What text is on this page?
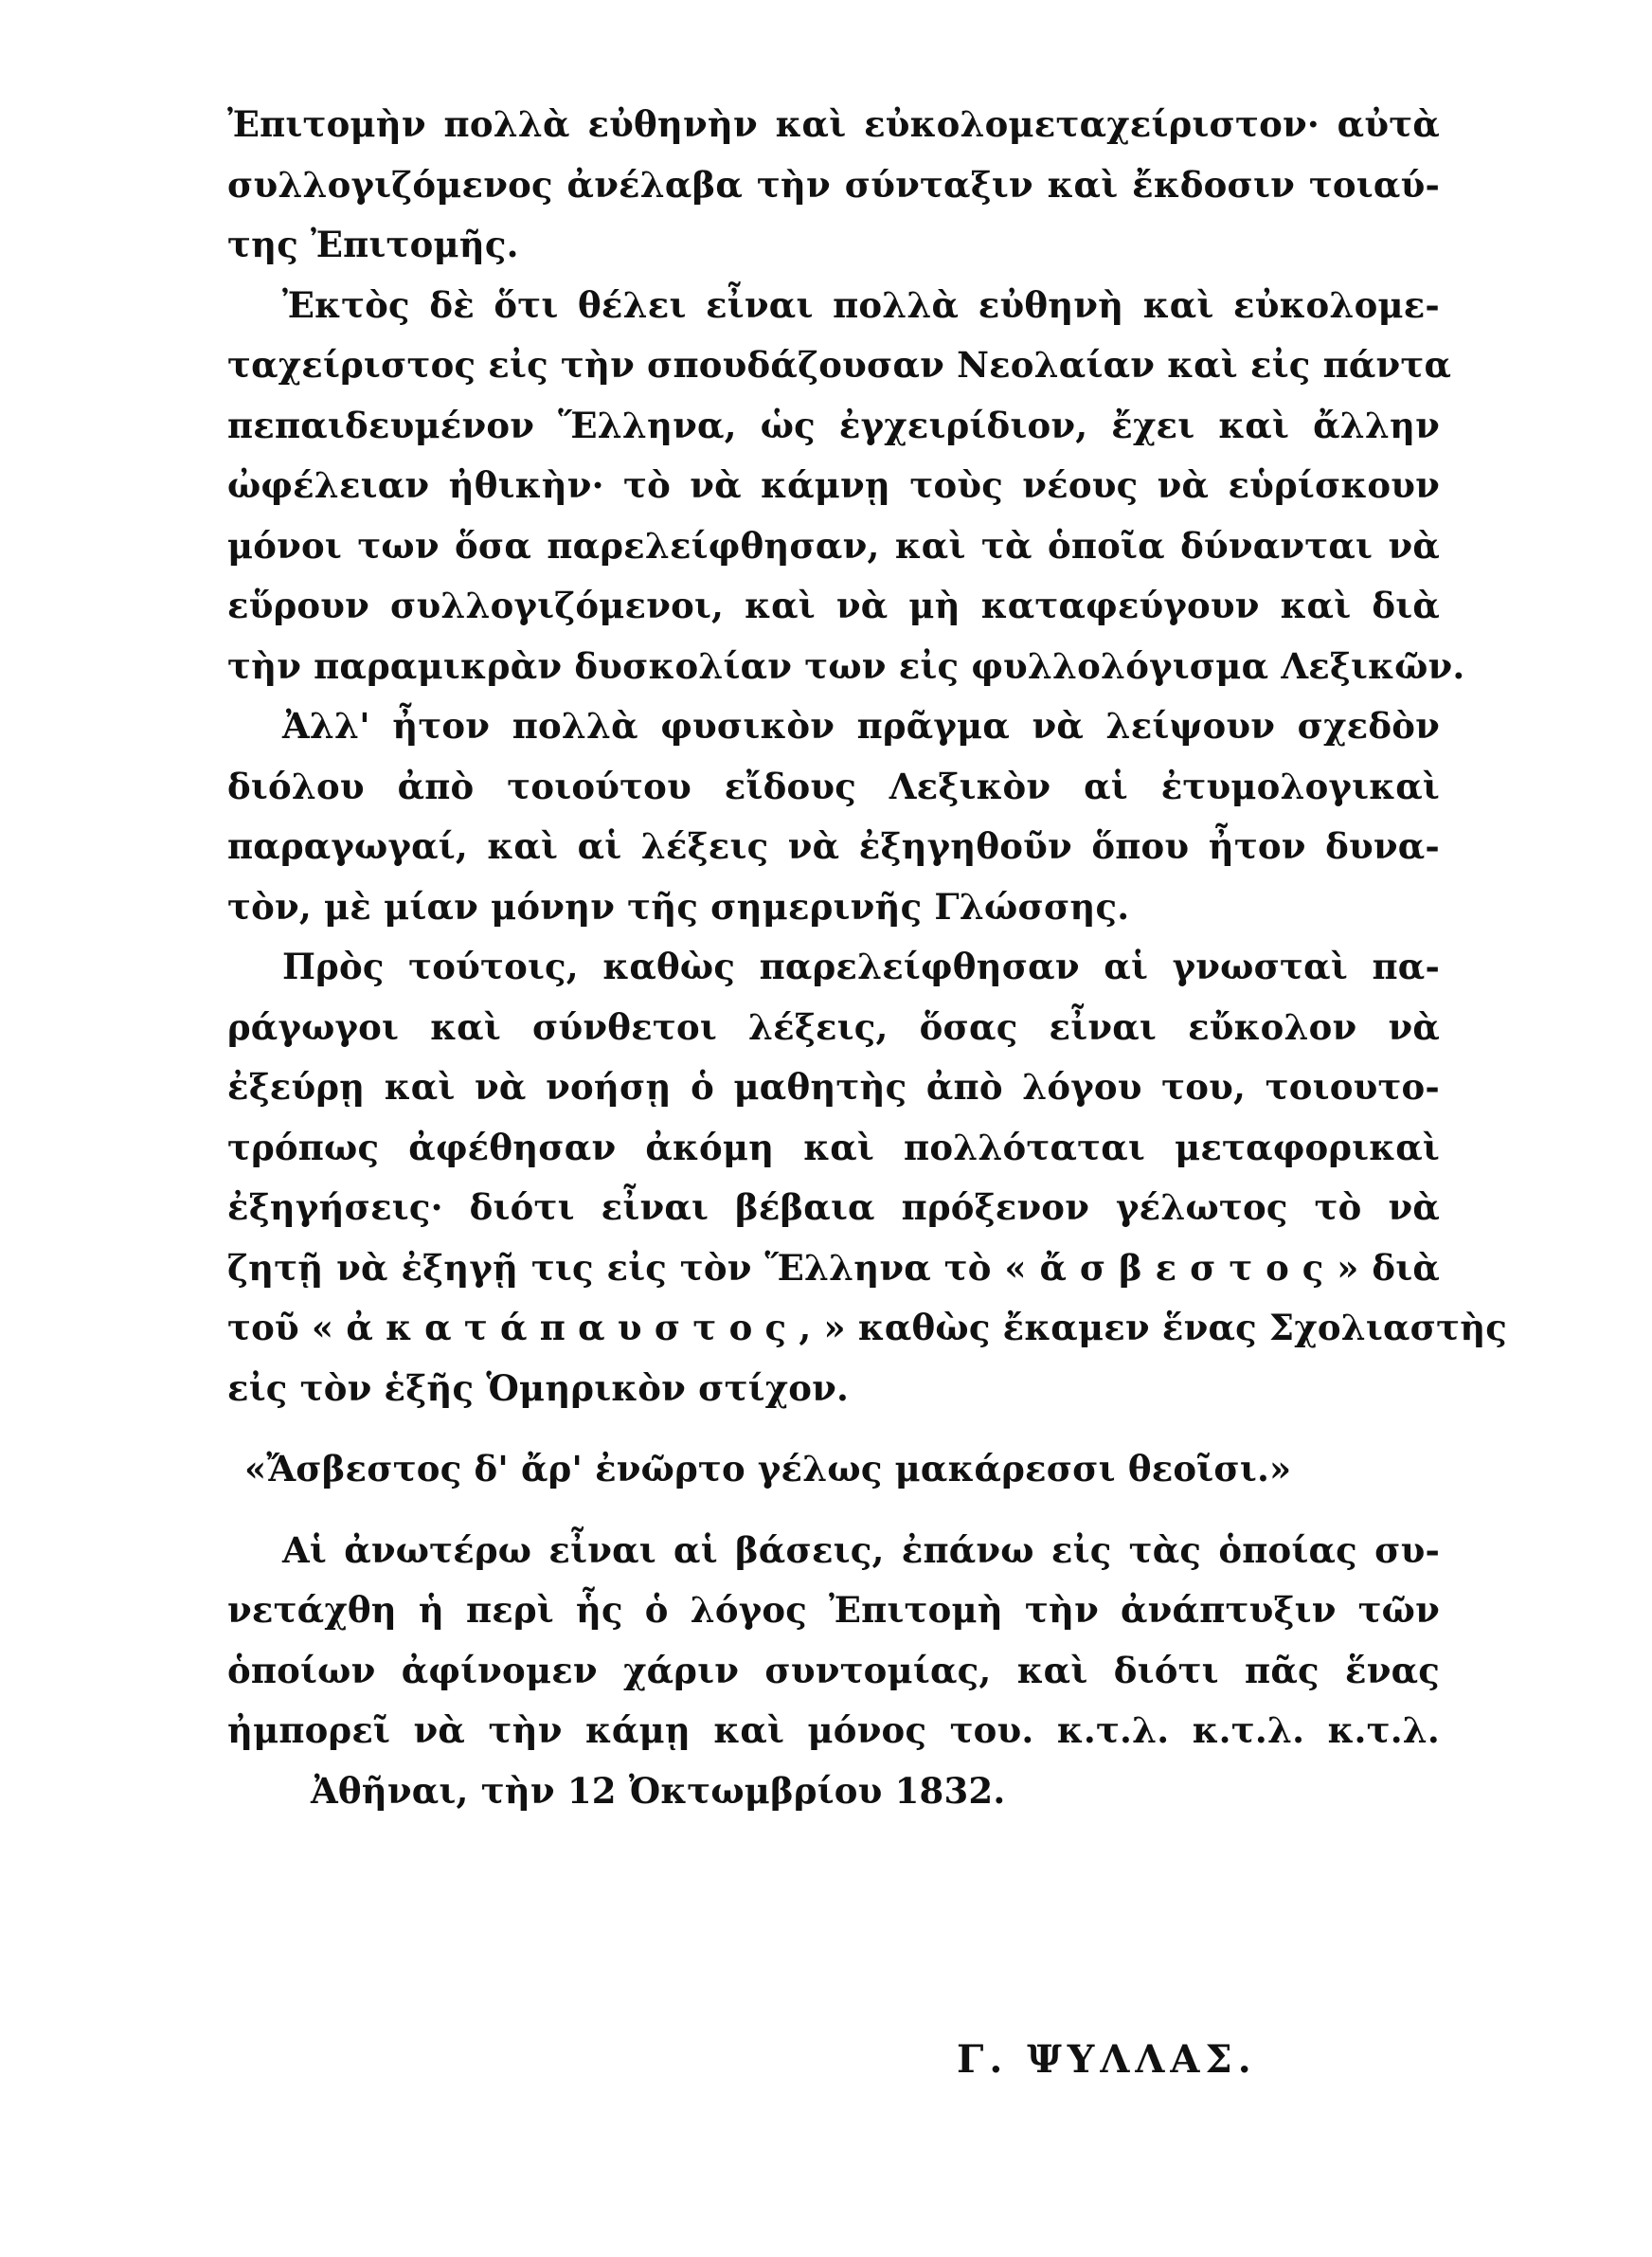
Ἐπιτομὴν πολλὰ εὐθηνὴν καὶ εὐκολομεταχείριστον· αὐτὰ
συλλογιζόμενος ἀνέλαβα τὴν σύνταξιν καὶ ἔκδοσιν τοιαύ-
της Ἐπιτομῆς.
Ἐκτὸς δὲ ὅτι θέλει εἶναι πολλὰ εὐθηνὴ καὶ εὐκολομε-
ταχείριστος εἰς τὴν σπουδάζουσαν Νεολαίαν καὶ εἰς πάντα
πεπαιδευμένον Ἕλληνα, ὡς ἐγχειρίδιον, ἔχει καὶ ἄλλην
ὠφέλειαν ἠθικὴν· τὸ νὰ κάμνῃ τοὺς νέους νὰ εὑρίσκουν
μόνοι των ὅσα παρελείφθησαν, καὶ τὰ ὁποῖα δύνανται νὰ
εὕρουν συλλογιζόμενοι, καὶ νὰ μὴ καταφεύγουν καὶ διὰ
τὴν παραμικρὰν δυσκολίαν των εἰς φυλλολόγισμα Λεξικῶν.
Ἀλλ' ἦτον πολλὰ φυσικὸν πρᾶγμα νὰ λείψουν σχεδὸν
διόλου ἀπὸ τοιούτου εἴδους Λεξικὸν αἱ ἐτυμολογικαὶ
παραγωγαί, καὶ αἱ λέξεις νὰ ἐξηγηθοῦν ὅπου ἦτον δυνα-
τὸν, μὲ μίαν μόνην τῆς σημερινῆς Γλώσσης.
Πρὸς τούτοις, καθὼς παρελείφθησαν αἱ γνωσταὶ πα-
ράγωγοι καὶ σύνθετοι λέξεις, ὅσας εἶναι εὔκολον νὰ
ἐξεύρῃ καὶ νὰ νοήσῃ ὁ μαθητὴς ἀπὸ λόγου του, τοιουτο-
τρόπως ἀφέθησαν ἀκόμη καὶ πολλόταται μεταφορικαὶ
ἐξηγήσεις· διότι εἶναι βέβαια πρόξενον γέλωτος τὸ νὰ
ζητῇ νὰ ἐξηγῇ τις εἰς τὸν Ἕλληνα τὸ « ἄ σ β ε σ τ ο ς » διὰ
τοῦ « ἀ κ α τ ά π α υ σ τ ο ς , » καθὼς ἔκαμεν ἕνας Σχολιαστὴς
εἰς τὸν ἑξῆς Ὁμηρικὸν στίχον.
«Ἄσβεστος δ' ἄρ' ἐνῶρτο γέλως μακάρεσσι θεοῖσι.»
Αἱ ἀνωτέρω εἶναι αἱ βάσεις, ἐπάνω εἰς τὰς ὁποίας συ-
νετάχθη ἡ περὶ ἧς ὁ λόγος Ἐπιτομὴ τὴν ἀνάπτυξιν τῶν
ὁποίων ἀφίνομεν χάριν συντομίας, καὶ διότι πᾶς ἕνας
ἠμπορεῖ νὰ τὴν κάμῃ καὶ μόνος του. κ.τ.λ. κ.τ.λ. κ.τ.λ.
Ἀθῆναι, τὴν 12 Ὀκτωμβρίου 1832.
Γ. ΨΥΛΛΑΣ.
